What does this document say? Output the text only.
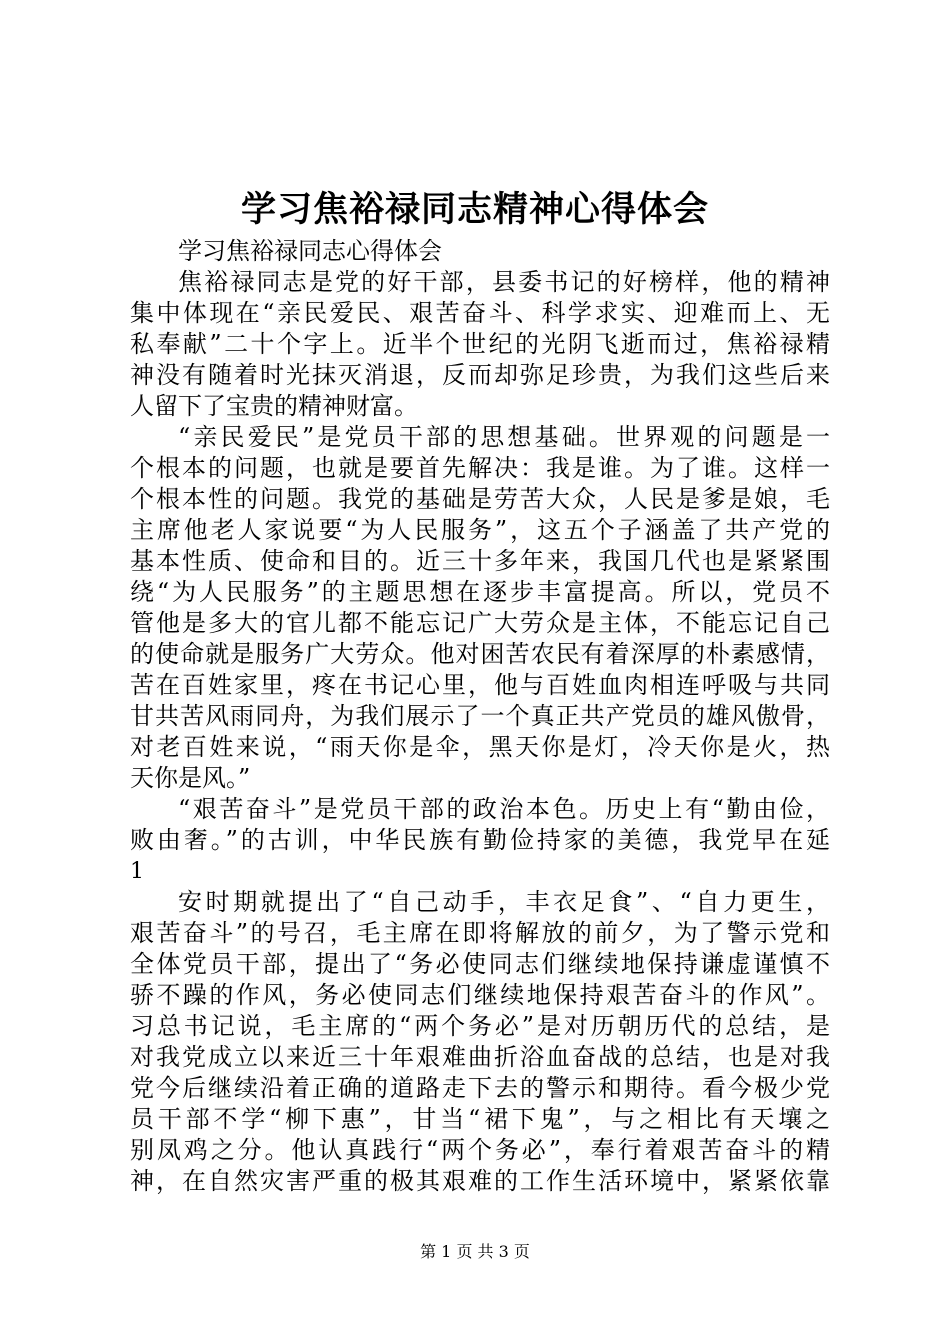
学习焦裕禄同志精神心得体会
学习焦裕禄同志心得体会
焦裕禄同志是党的好干部，县委书记的好榜样，他的精神
集中体现在“亲民爱民、艰苦奋斗、科学求实、迎难而上、无
私奉献”二十个字上。近半个世纪的光阴飞逝而过，焦裕禄精
神没有随着时光抹灭消退，反而却弥足珍贵，为我们这些后来
人留下了宝贵的精神财富。
“亲民爱民”是党员干部的思想基础。世界观的问题是一
个根本的问题，也就是要首先解决：我是谁。为了谁。这样一
个根本性的问题。我党的基础是劳苦大众，人民是爹是娘，毛
主席他老人家说要“为人民服务”，这五个子涵盖了共产党的
基本性质、使命和目的。近三十多年来，我国几代也是紧紧围
绕“为人民服务”的主题思想在逐步丰富提高。所以，党员不
管他是多大的官儿都不能忘记广大劳众是主体，不能忘记自己
的使命就是服务广大劳众。他对困苦农民有着深厚的朴素感情，
苦在百姓家里，疼在书记心里，他与百姓血肉相连呼吸与共同
甘共苦风雨同舟，为我们展示了一个真正共产党员的雄风傲骨，
对老百姓来说，“雨天你是伞，黑天你是灯，冷天你是火，热
天你是风。”
“艰苦奋斗”是党员干部的政治本色。历史上有“勤由俭，
败由奢。”的古训，中华民族有勤俭持家的美德，我党早在延
1
安时期就提出了“自己动手，丰衣足食”、“自力更生，
艰苦奋斗”的号召，毛主席在即将解放的前夕，为了警示党和
全体党员干部，提出了“务必使同志们继续地保持谦虚谨慎不
骄不躁的作风，务必使同志们继续地保持艰苦奋斗的作风”。
习总书记说，毛主席的“两个务必”是对历朝历代的总结，是
对我党成立以来近三十年艰难曲折浴血奋战的总结，也是对我
党今后继续沿着正确的道路走下去的警示和期待。看今极少党
员干部不学“柳下惠”，甘当“裙下鬼”，与之相比有天壤之
别凤鸡之分。他认真践行“两个务必”，奉行着艰苦奋斗的精
神，在自然灾害严重的极其艰难的工作生活环境中，紧紧依靠
第 1 页 共 3 页
